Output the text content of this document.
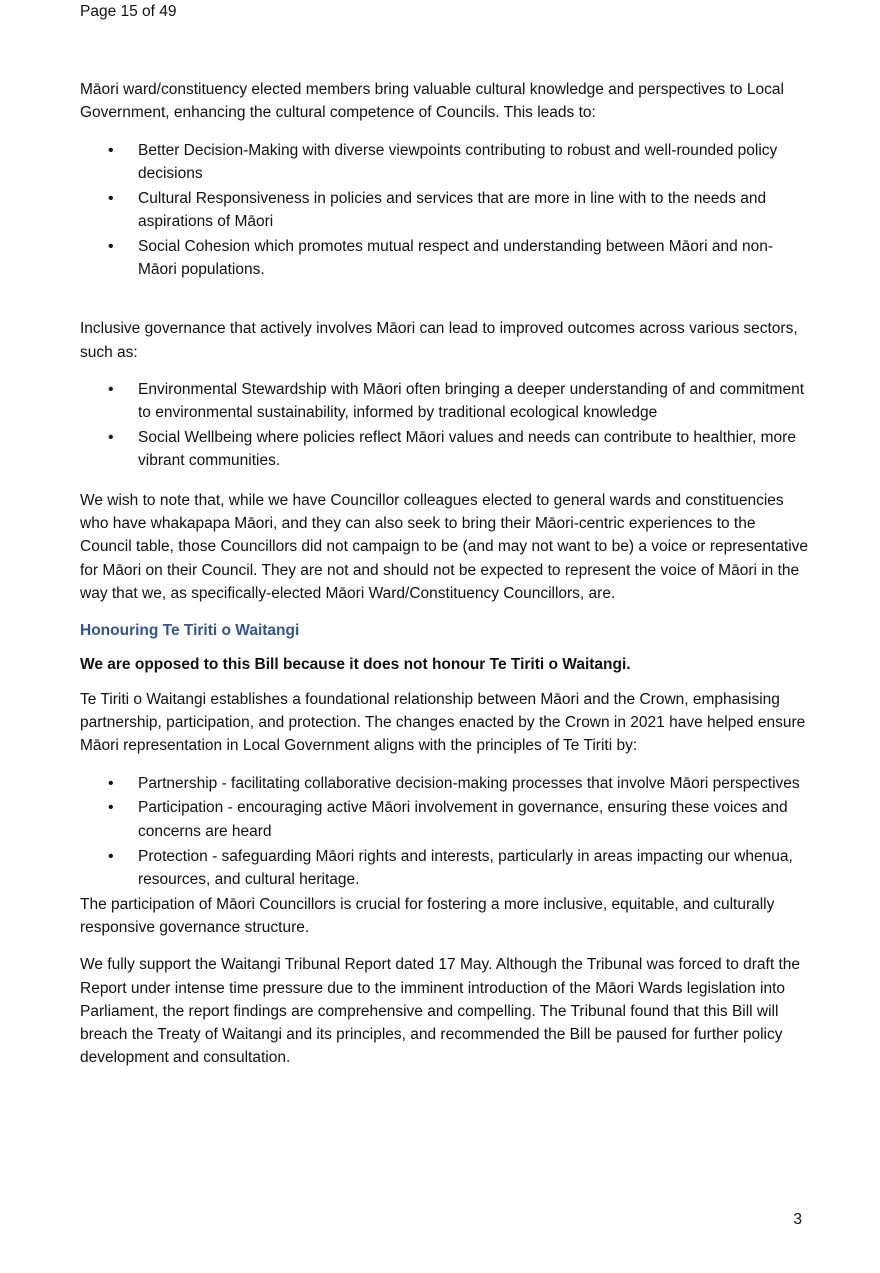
Page 15 of 49

Māori ward/constituency elected members bring valuable cultural knowledge and perspectives to Local Government, enhancing the cultural competence of Councils. This leads to:

• Better Decision-Making with diverse viewpoints contributing to robust and well-rounded policy decisions
• Cultural Responsiveness in policies and services that are more in line with to the needs and aspirations of Māori
• Social Cohesion which promotes mutual respect and understanding between Māori and non-Māori populations.

Inclusive governance that actively involves Māori can lead to improved outcomes across various sectors, such as:

• Environmental Stewardship with Māori often bringing a deeper understanding of and commitment to environmental sustainability, informed by traditional ecological knowledge
• Social Wellbeing where policies reflect Māori values and needs can contribute to healthier, more vibrant communities.

We wish to note that, while we have Councillor colleagues elected to general wards and constituencies who have whakapapa Māori, and they can also seek to bring their Māori-centric experiences to the Council table, those Councillors did not campaign to be (and may not want to be) a voice or representative for Māori on their Council. They are not and should not be expected to represent the voice of Māori in the way that we, as specifically-elected Māori Ward/Constituency Councillors, are.

Honouring Te Tiriti o Waitangi

We are opposed to this Bill because it does not honour Te Tiriti o Waitangi.

Te Tiriti o Waitangi establishes a foundational relationship between Māori and the Crown, emphasising partnership, participation, and protection. The changes enacted by the Crown in 2021 have helped ensure Māori representation in Local Government aligns with the principles of Te Tiriti by:

• Partnership - facilitating collaborative decision-making processes that involve Māori perspectives
• Participation - encouraging active Māori involvement in governance, ensuring these voices and concerns are heard
• Protection - safeguarding Māori rights and interests, particularly in areas impacting our whenua, resources, and cultural heritage.

The participation of Māori Councillors is crucial for fostering a more inclusive, equitable, and culturally responsive governance structure.

We fully support the Waitangi Tribunal Report dated 17 May. Although the Tribunal was forced to draft the Report under intense time pressure due to the imminent introduction of the Māori Wards legislation into Parliament, the report findings are comprehensive and compelling. The Tribunal found that this Bill will breach the Treaty of Waitangi and its principles, and recommended the Bill be paused for further policy development and consultation.

3
